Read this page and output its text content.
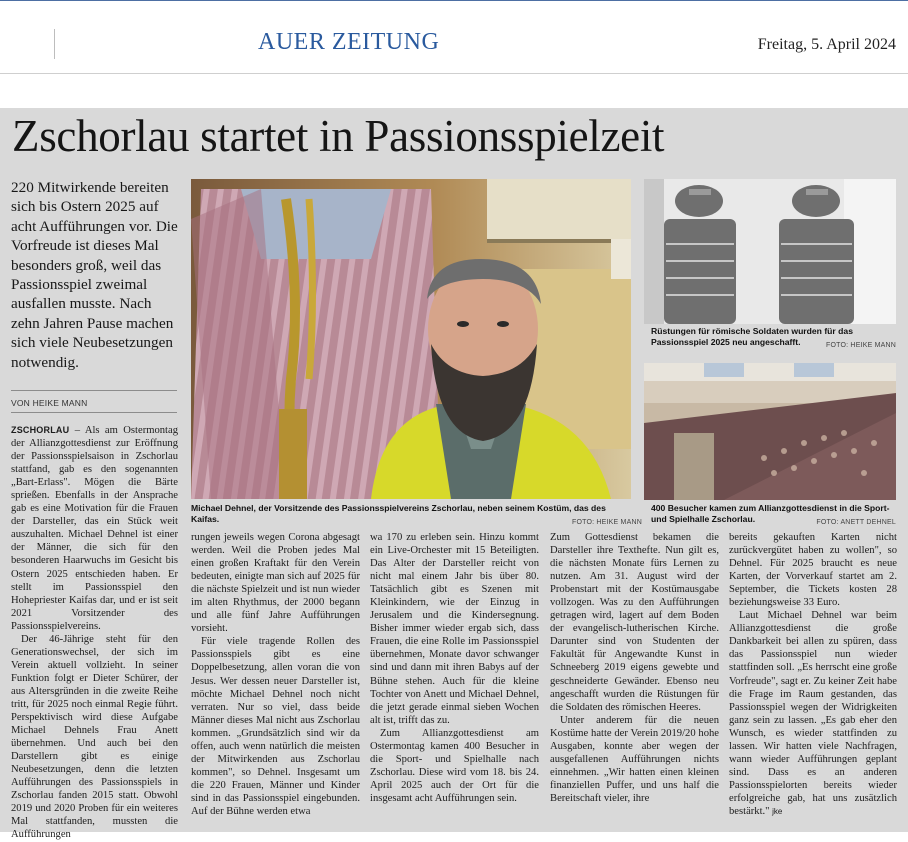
AUER ZEITUNG	Freitag, 5. April 2024
Zschorlau startet in Passionsspielzeit
220 Mitwirkende bereiten sich bis Ostern 2025 auf acht Aufführungen vor. Die Vorfreude ist dieses Mal besonders groß, weil das Passionsspiel zweimal ausfallen musste. Nach zehn Jahren Pause machen sich viele Neubesetzungen notwendig.
VON HEIKE MANN
Rüstungen für römische Soldaten wurden für das Passionsspiel 2025 neu angeschafft.	FOTO: HEIKE MANN
400 Besucher kamen zum Allianzgottesdienst in die Sport- und Spielhalle Zschorlau.	FOTO: ANETT DEHNEL
Michael Dehnel, der Vorsitzende des Passionsspielvereins Zschorlau, neben seinem Kostüm, das des Kaifas.	FOTO: HEIKE MANN

ZSCHORLAU – Als am Ostermontag der Allianzgottesdienst zur Eröffnung der Passionsspielsaison in Zschorlau stattfand, gab es den sogenannten „Bart-Erlass". Mögen die Bärte sprießen. Ebenfalls in der Ansprache gab es eine Motivation für die Frauen der Darsteller, das ein Stück weit auszuhalten. Michael Dehnel ist einer der Männer, die sich für den besonderen Haarwuchs im Gesicht bis Ostern 2025 entschieden haben. Er stellt im Passionsspiel den Hohepriester Kaifas dar, und er ist seit 2021 Vorsitzender des Passionsspielvereins.

Der 46-Jährige steht für den Generationswechsel, der sich im Verein aktuell vollzieht. In seiner Funktion folgt er Dieter Schürer, der aus Altersgründen in die zweite Reihe tritt, für 2025 noch einmal Regie führt. Perspektivisch wird diese Aufgabe Michael Dehnels Frau Anett übernehmen. Und auch bei den Darstellern gibt es einige Neubesetzungen, denn die letzten Aufführungen des Passionsspiels in Zschorlau fanden 2015 statt. Obwohl 2019 und 2020 Proben für ein weiteres Mal stattfanden, mussten die Aufführungen

rungen jeweils wegen Corona abgesagt werden. Weil die Proben jedes Mal einen großen Kraftakt für den Verein bedeuten, einigte man sich auf 2025 für die nächste Spielzeit und ist nun wieder im alten Rhythmus, der 2000 begann und alle fünf Jahre Aufführungen vorsieht.

Für viele tragende Rollen des Passionsspiels gibt es eine Doppelbesetzung, allen voran die von Jesus. Wer dessen neuer Darsteller ist, möchte Michael Dehnel noch nicht verraten. Nur so viel, dass beide Männer dieses Mal nicht aus Zschorlau kommen. „Grundsätzlich sind wir da offen, auch wenn natürlich die meisten der Mitwirkenden aus Zschorlau kommen", so Dehnel. Insgesamt um die 220 Frauen, Männer und Kinder sind in das Passionsspiel eingebunden. Auf der Bühne werden etwa

wa 170 zu erleben sein. Hinzu kommt ein Live-Orchester mit 15 Beteiligten. Das Alter der Darsteller reicht von nicht mal einem Jahr bis über 80. Tatsächlich gibt es Szenen mit Kleinkindern, wie der Einzug in Jerusalem und die Kindersegnung. Bisher immer wieder ergab sich, dass Frauen, die eine Rolle im Passionsspiel übernehmen, Monate davor schwanger sind und dann mit ihren Babys auf der Bühne stehen. Auch für die kleine Tochter von Anett und Michael Dehnel, die jetzt gerade einmal sieben Wochen alt ist, trifft das zu.

Zum Allianzgottesdienst am Ostermontag kamen 400 Besucher in die Sport- und Spielhalle nach Zschorlau. Diese wird vom 18. bis 24. April 2025 auch der Ort für die insgesamt acht Aufführungen sein.

Zum Gottesdienst bekamen die Darsteller ihre Texthefte. Nun gilt es, die nächsten Monate fürs Lernen zu nutzen. Am 31. August wird der Probenstart mit der Kostümausgabe vollzogen. Was zu den Aufführungen getragen wird, lagert auf dem Boden der evangelisch-lutherischen Kirche. Darunter sind von Studenten der Fakultät für Angewandte Kunst in Schneeberg 2019 eigens gewebte und geschneiderte Gewänder. Ebenso neu angeschafft wurden die Rüstungen für die Soldaten des römischen Heeres.

Unter anderem für die neuen Kostüme hatte der Verein 2019/20 hohe Ausgaben, konnte aber wegen der ausgefallenen Aufführungen nichts einnehmen. „Wir hatten einen kleinen finanziellen Puffer, und uns half die Bereitschaft vieler, ihre

bereits gekauften Karten nicht zurückvergütet haben zu wollen", so Dehnel. Für 2025 braucht es neue Karten, der Vorverkauf startet am 2. September, die Tickets kosten 28 beziehungsweise 33 Euro.

Laut Michael Dehnel war beim Allianzgottesdienst die große Dankbarkeit bei allen zu spüren, dass das Passionsspiel nun wieder stattfinden soll. „Es herrscht eine große Vorfreude", sagt er. Zu keiner Zeit habe die Frage im Raum gestanden, das Passionsspiel wegen der Widrigkeiten ganz sein zu lassen. „Es gab eher den Wunsch, es wieder stattfinden zu lassen. Wir hatten viele Nachfragen, wann wieder Aufführungen geplant sind. Dass es an anderen Passionsspielorten bereits wieder erfolgreiche gab, hat uns zusätzlich bestärkt." jke
